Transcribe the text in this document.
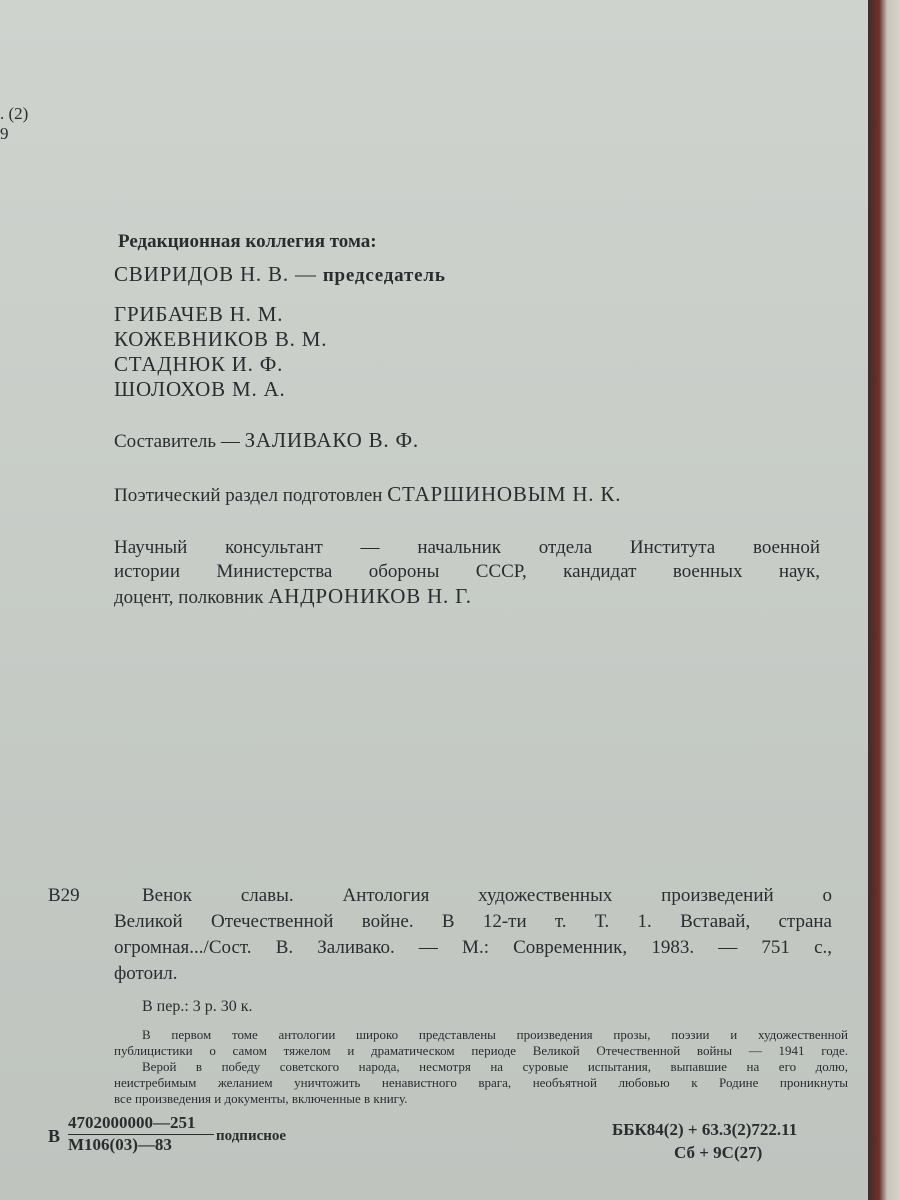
. (2)
9
Редакционная коллегия тома:
СВИРИДОВ Н. В. — председатель
ГРИБАЧЕВ Н. М.
КОЖЕВНИКОВ В. М.
СТАДНЮК И. Ф.
ШОЛОХОВ М. А.
Составитель — ЗАЛИВАКО В. Ф.
Поэтический раздел подготовлен СТАРШИНОВЫМ Н. К.
Научный консультант — начальник отдела Института военной
истории Министерства обороны СССР, кандидат военных наук,
доцент, полковник АНДРОНИКОВ Н. Г.
В29	Венок славы. Антология художественных произведений о
Великой Отечественной войне. В 12-ти т. Т. 1. Вставай, страна
огромная.../Сост. В. Заливако. — М.: Современник, 1983. — 751 с.,
фотоил.
В пер.: 3 р. 30 к.
В первом томе антологии широко представлены произведения прозы, поэзии и художественной
публицистики о самом тяжелом и драматическом периоде Великой Отечественной войны — 1941 годе.
Верой в победу советского народа, несмотря на суровые испытания, выпавшие на его долю,
неистребимым желанием уничтожить ненавистного врага, необъятной любовью к Родине проникнуты
все произведения и документы, включенные в книгу.
В
4702000000—251
М106(03)—83	подписное	ББК84(2) + 63.3(2)722.11
Сб + 9С(27)
